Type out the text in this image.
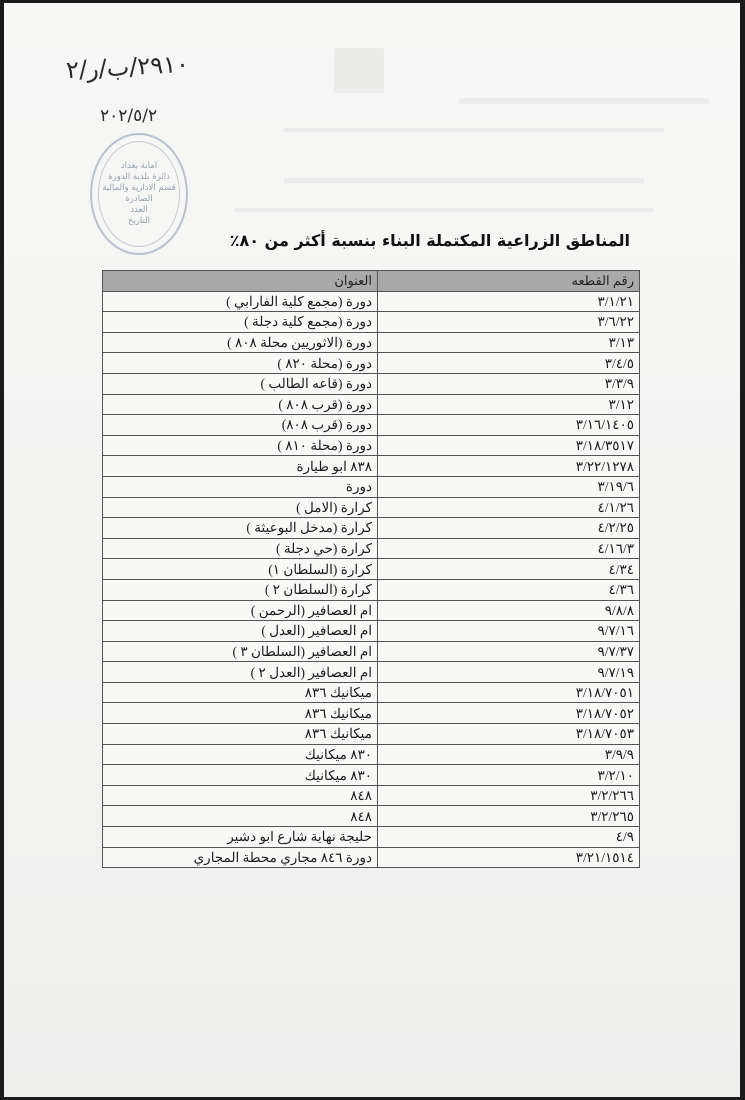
٢٩١٠/ب/ر/٢
٢٠٢/٥/٢
امانة بغداد
دائرة بلدية الدورة
قسم الادارية والمالية
الصادرة
العدد
التاريخ
المناطق الزراعية المكتملة البناء بنسبة أكثر من ٨٠٪
رقم القطعه	العنوان
٣/١/٢١	دورة (مجمع كلية الفارابي )
٣/٦/٢٢	دورة (مجمع كلية دجلة )
٣/١٣	دورة (الاثوريين محلة ٨٠٨ )
٣/٤/٥	دورة (محلة ٨٢٠ )
٣/٣/٩	دورة (قاعه الطالب )
٣/١٢	دورة (قرب ٨٠٨ )
٣/١٦/١٤٠٥	دورة (قرب ٨٠٨)
٣/١٨/٣٥١٧	دورة (محلة ٨١٠ )
٣/٢٢/١٢٧٨	٨٣٨ ابو طيارة
٣/١٩/٦	دورة
٤/١/٢٦	كرارة (الامل )
٤/٢/٢٥	كرارة (مدخل البوعيثة )
٤/١٦/٣	كرارة (حي دجلة )
٤/٣٤	كرارة (السلطان ١)
٤/٣٦	كرارة (السلطان ٢ )
٩/٨/٨	ام العصافير (الرحمن )
٩/٧/١٦	ام العصافير (العدل )
٩/٧/٣٧	ام العصافير (السلطان ٣ )
٩/٧/١٩	ام العصافير (العدل ٢ )
٣/١٨/٧٠٥١	ميكانيك ٨٣٦
٣/١٨/٧٠٥٢	ميكانيك ٨٣٦
٣/١٨/٧٠٥٣	ميكانيك ٨٣٦
٣/٩/٩	٨٣٠ ميكانيك
٣/٢/١٠	٨٣٠ ميكانيك
٣/٢/٢٦٦	٨٤٨
٣/٢/٢٦٥	٨٤٨
٤/٩	حليجة نهاية شارع ابو دشير
٣/٢١/١٥١٤	دورة ٨٤٦ مجاري محطة المجاري
